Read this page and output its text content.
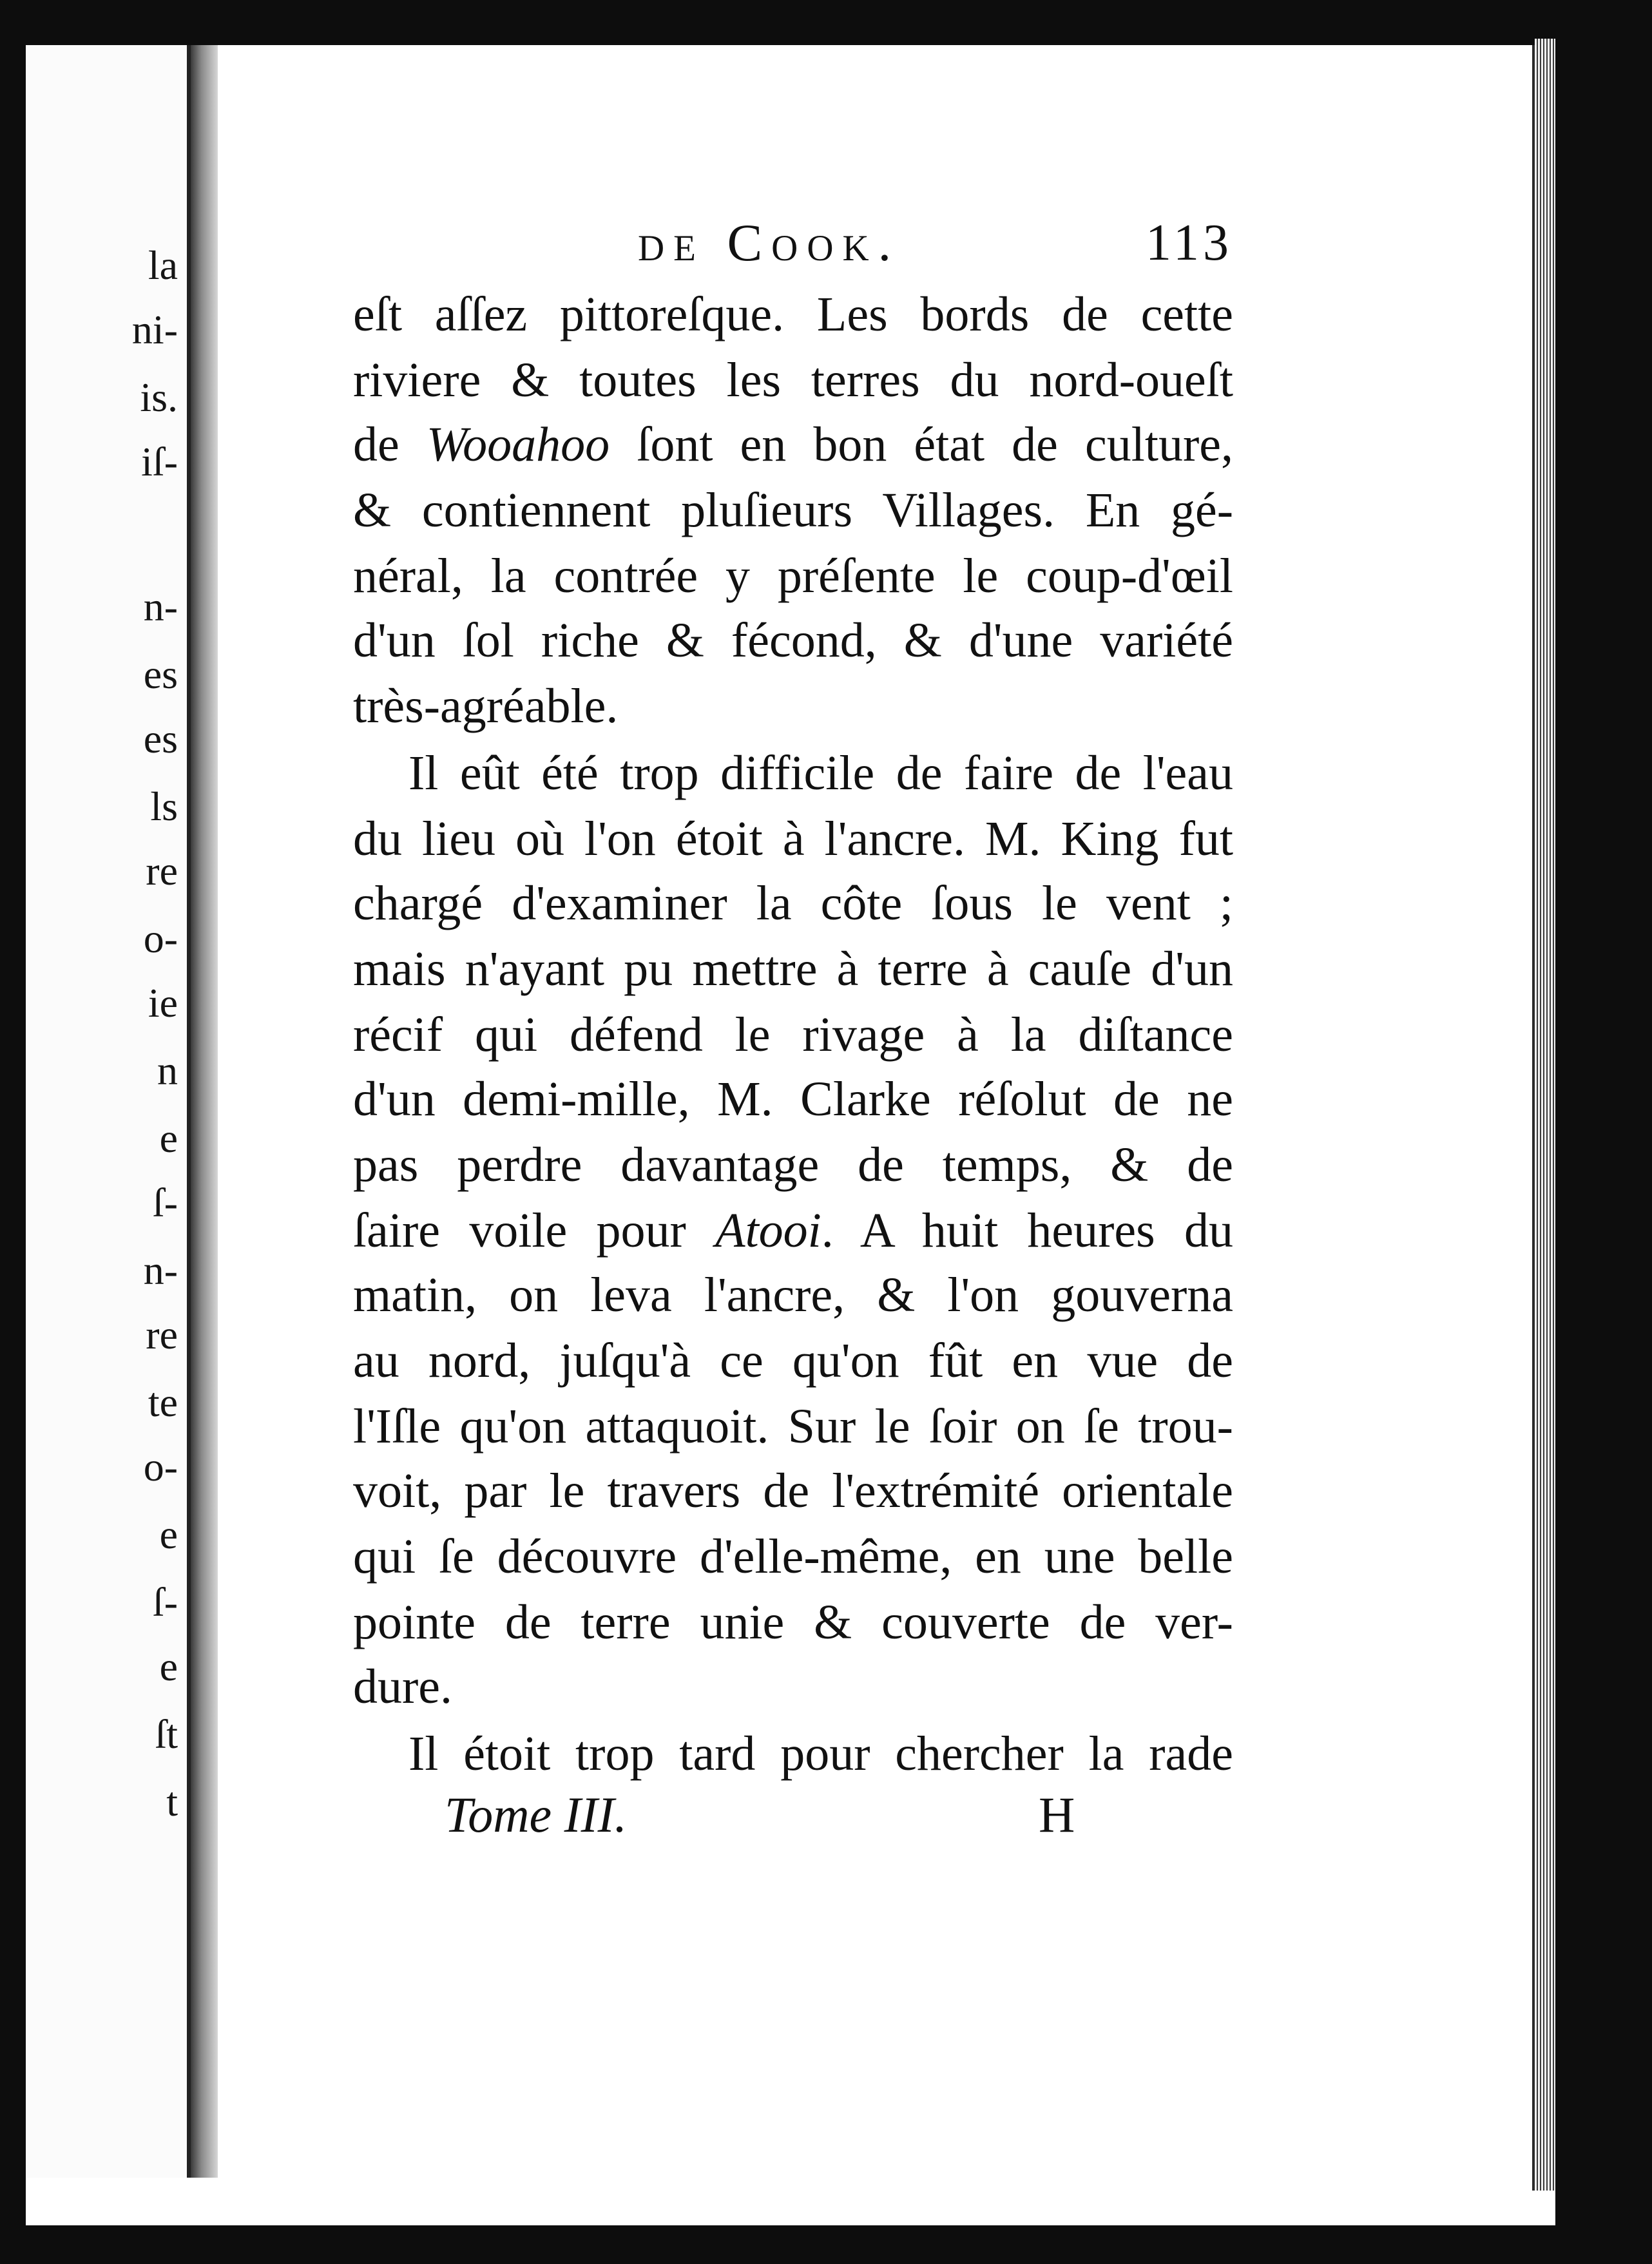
la
ni-
is.
iſ-
n-
es
es
ls
re
o-
ie
n
e
ſ-
n-
re
te
o-
e
ſ-
e
ſt
t
de Cook.	113
eſt aſſez pittoreſque. Les bords de cette
riviere & toutes les terres du nord-oueſt
de Wooahoo ſont en bon état de culture,
& contiennent pluſieurs Villages. En gé-
néral, la contrée y préſente le coup-d'œil
d'un ſol riche & fécond, & d'une variété
très-agréable.
Il eût été trop difficile de faire de l'eau
du lieu où l'on étoit à l'ancre. M. King fut
chargé d'examiner la côte ſous le vent ;
mais n'ayant pu mettre à terre à cauſe d'un
récif qui défend le rivage à la diſtance
d'un demi-mille, M. Clarke réſolut de ne
pas perdre davantage de temps, & de
ſaire voile pour Atooi. A huit heures du
matin, on leva l'ancre, & l'on gouverna
au nord, juſqu'à ce qu'on fût en vue de
l'Iſle qu'on attaquoit. Sur le ſoir on ſe trou-
voit, par le travers de l'extrémité orientale
qui ſe découvre d'elle-même, en une belle
pointe de terre unie & couverte de ver-
dure.
Il étoit trop tard pour chercher la rade
Tome III.	H
